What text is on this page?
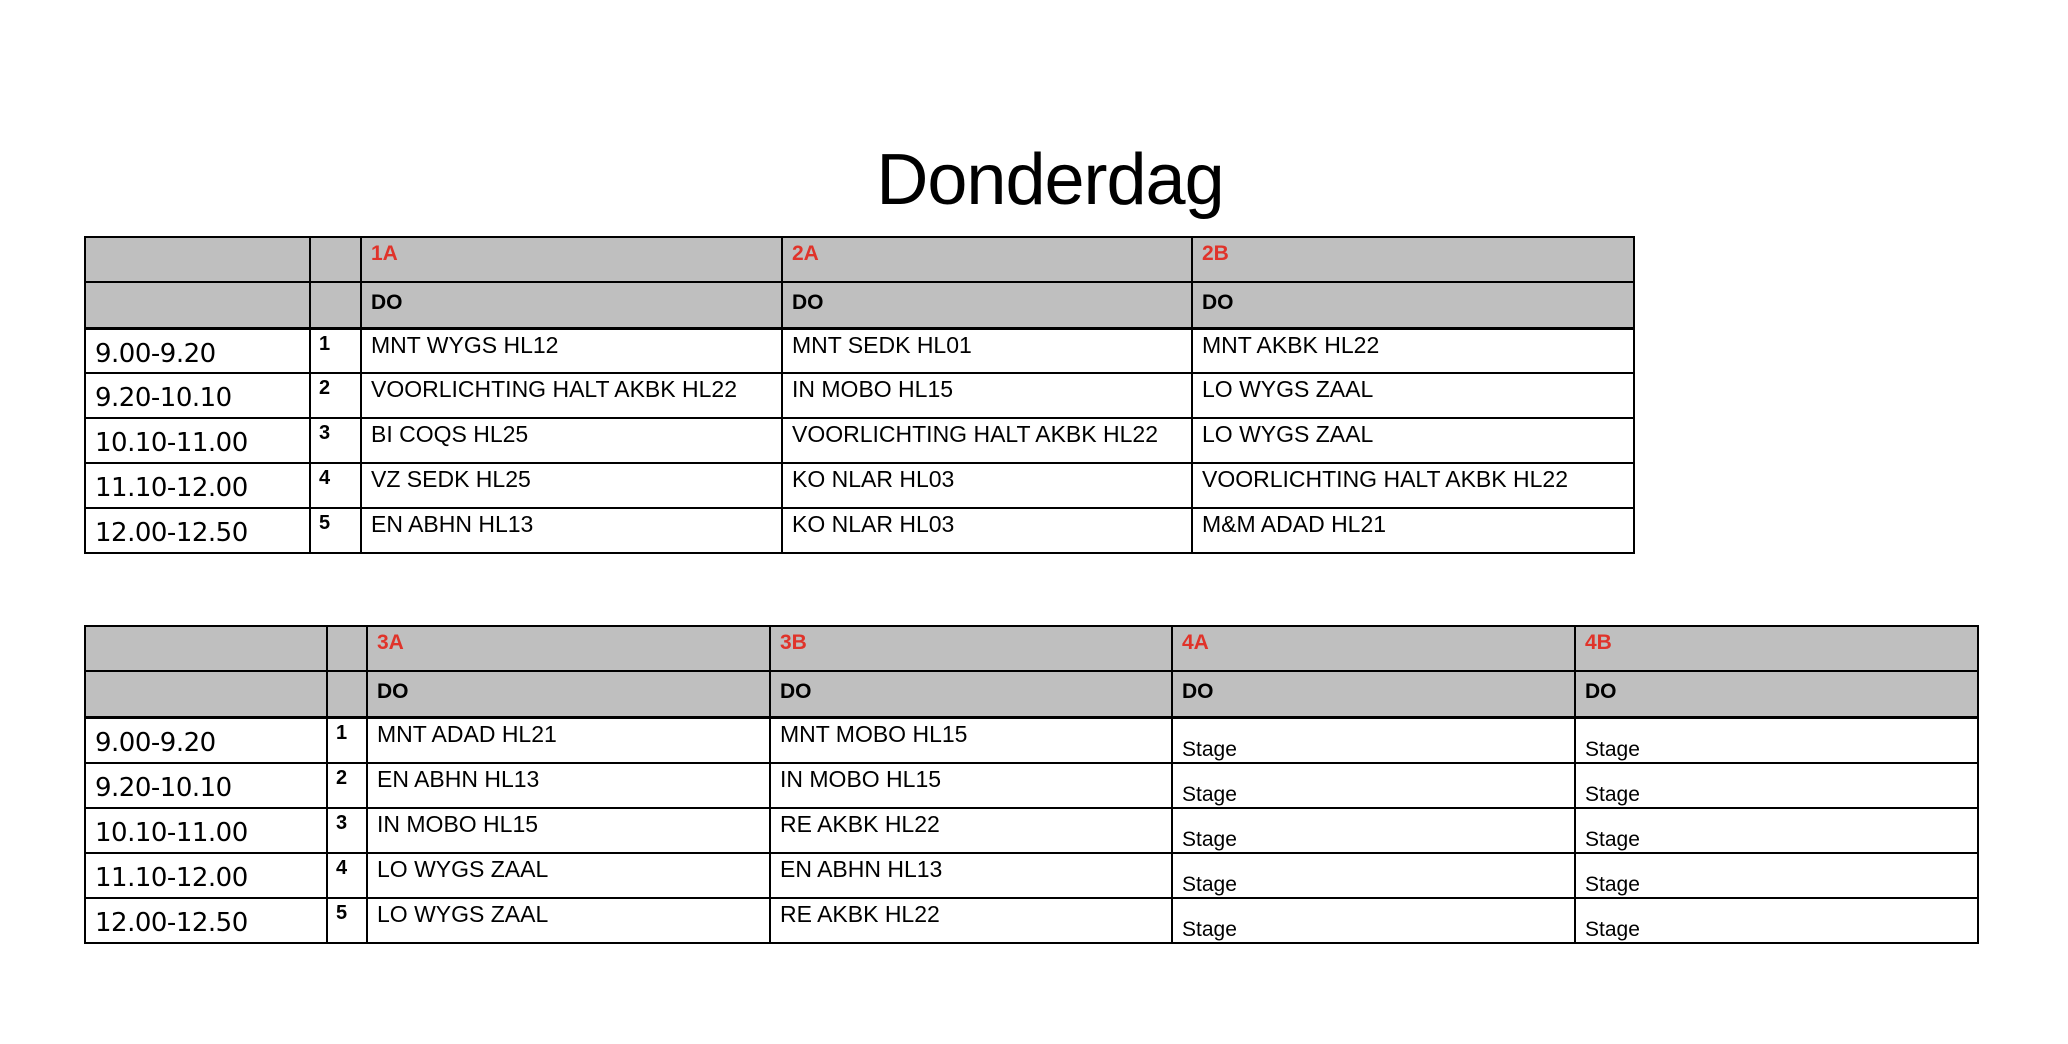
Donderdag

		1A	2A	2B

		DO	DO	DO

9.00-9.20	1	MNT WYGS HL12	MNT SEDK HL01	MNT AKBK HL22

9.20-10.10	2	VOORLICHTING HALT AKBK HL22	IN MOBO HL15	LO WYGS ZAAL

10.10-11.00	3	BI COQS HL25	VOORLICHTING HALT AKBK HL22	LO WYGS ZAAL

11.10-12.00	4	VZ SEDK HL25	KO NLAR HL03	VOORLICHTING HALT AKBK HL22

12.00-12.50	5	EN ABHN HL13	KO NLAR HL03	M&M ADAD HL21

		3A	3B	4A	4B

		DO	DO	DO	DO

9.00-9.20	1	MNT ADAD HL21	MNT MOBO HL15	Stage	Stage

9.20-10.10	2	EN ABHN HL13	IN MOBO HL15	Stage	Stage

10.10-11.00	3	IN MOBO HL15	RE AKBK HL22	Stage	Stage

11.10-12.00	4	LO WYGS ZAAL	EN ABHN HL13	Stage	Stage

12.00-12.50	5	LO WYGS ZAAL	RE AKBK HL22	Stage	Stage
